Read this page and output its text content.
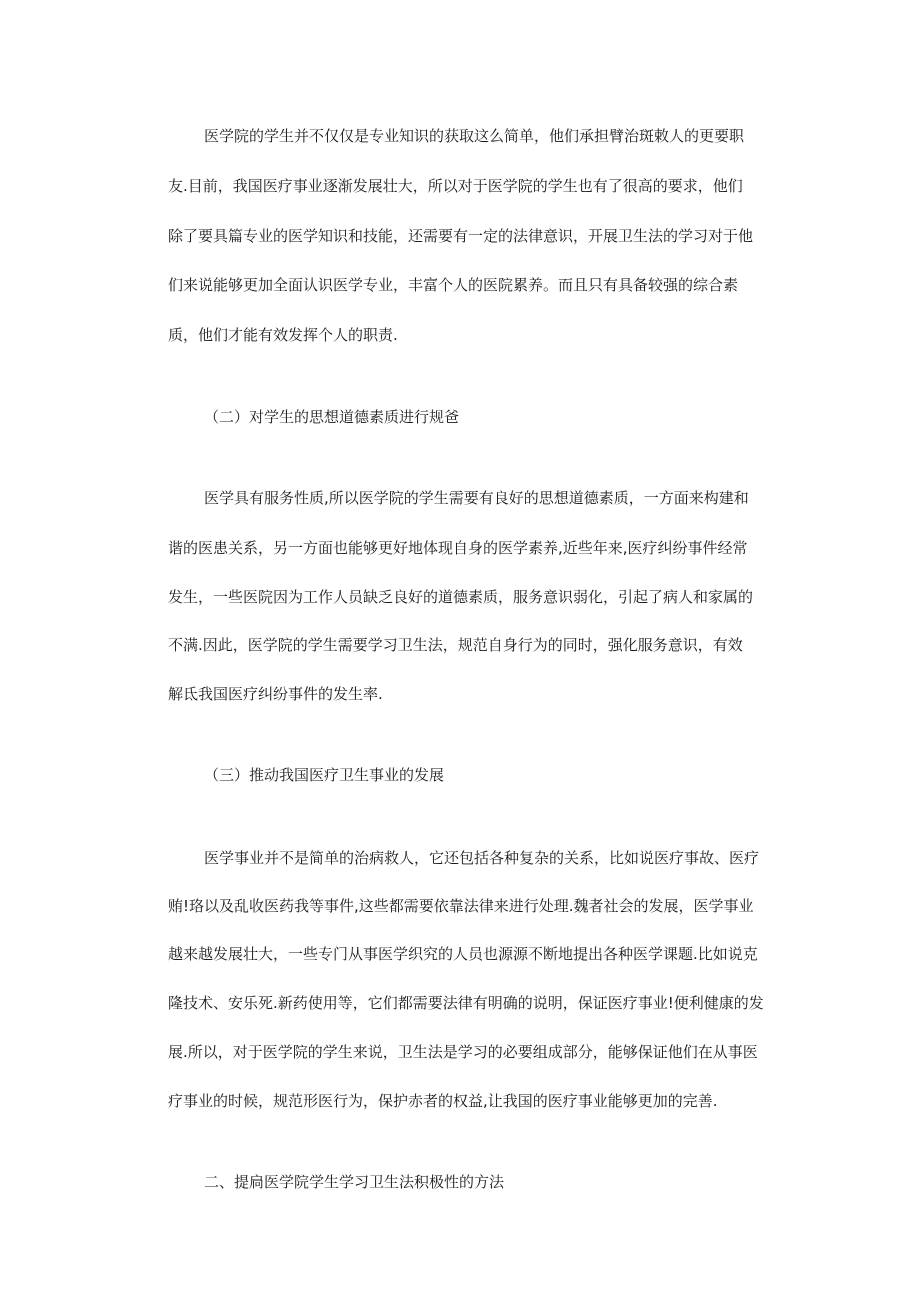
医学院的学生并不仅仅是专业知识的获取这么简单，他们承担臂治斑敕人的更要职
友.目前，我国医疗事业逐渐发展壮大，所以对于医学院的学生也有了很高的要求，他们
除了要具篇专业的医学知识和技能，还需要有一定的法律意识，开展卫生法的学习对于他
们来说能够更加全面认识医学专业，丰富个人的医院累养。而且只有具备较强的综合素
质，他们才能有效发挥个人的职责.
（二）对学生的思想道德素质进行规爸
医学具有服务性质,所以医学院的学生需要有良好的思想道德素质，一方面来构建和
谐的医患关系，另一方面也能够更好地体现自身的医学素养,近些年来,医疗纠纷事件经常
发生，一些医院因为工作人员缺乏良好的道德素质，服务意识弱化，引起了病人和家属的
不满.因此，医学院的学生需要学习卫生法，规范自身行为的同时，强化服务意识，有效
解氐我国医疗纠纷事件的发生率.
（三）推动我国医疗卫生事业的发展
医学事业并不是简单的治病救人，它还包括各种复杂的关系，比如说医疗事故、医疗
贿!珞以及乱收医药我等事件,这些都需要依靠法律来进行处理.魏者社会的发展，医学事业
越来越发展壮大，一些专门从事医学织究的人员也源源不断地提出各种医学课题.比如说克
隆技术、安乐死.新药使用等，它们都需要法律有明确的说明，保证医疗事业!便利健康的发
展.所以，对于医学院的学生来说，卫生法是学习的必要组成部分，能够保证他们在从事医
疗事业的时候，规范形医行为，保护赤者的权益,让我国的医疗事业能够更加的完善.
二、提扃医学院学生学习卫生法积极性的方法
